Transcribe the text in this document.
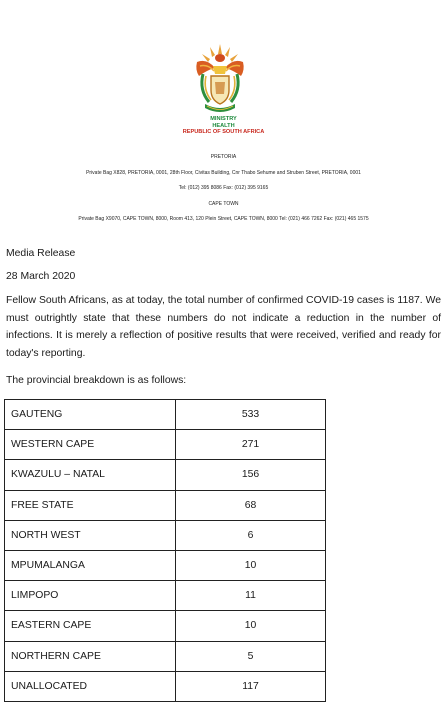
MINISTRY
HEALTH
REPUBLIC OF SOUTH AFRICA
PRETORIA
Private Bag X828, PRETORIA, 0001, 28th Floor, Civitas Building, Cnr Thabo Sehume and Struben Street, PRETORIA, 0001
Tel: (012) 395 8086 Fax: (012) 395 9165
CAPE TOWN
Private Bag X9070, CAPE TOWN, 8000, Room 413, 120 Plein Street, CAPE TOWN, 8000 Tel: (021) 466 7262 Fax: (021) 465 1575
Media Release
28 March 2020
Fellow South Africans, as at today, the total number of confirmed COVID-19 cases is 1187. We must outrightly state that these numbers do not indicate a reduction in the number of infections. It is merely a reflection of positive results that were received, verified and ready for today's reporting.
The provincial breakdown is as follows:
GAUTENG	533
WESTERN CAPE	271
KWAZULU – NATAL	156
FREE STATE	68
NORTH WEST	6
MPUMALANGA	10
LIMPOPO	11
EASTERN CAPE	10
NORTHERN CAPE	5
UNALLOCATED	117
